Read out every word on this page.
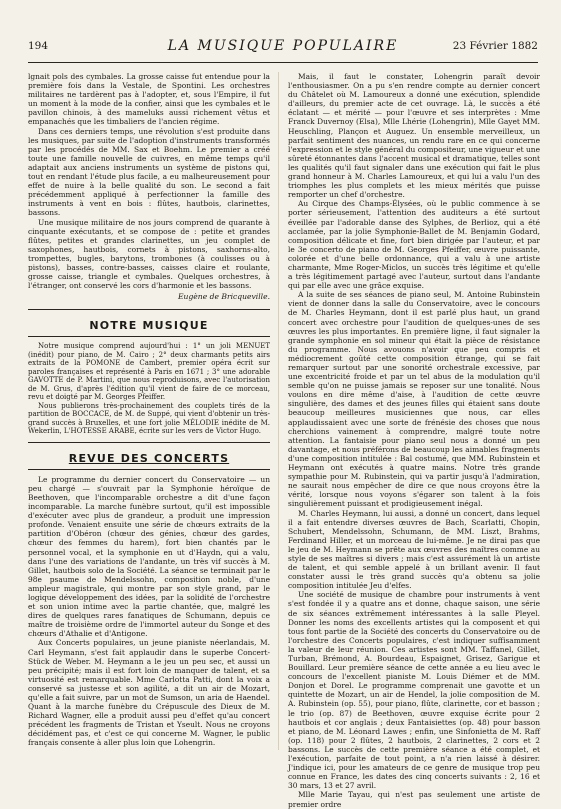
194	LA MUSIQUE POPULAIRE	23 Février 1882

lgnait pols des cymbales. La grosse caisse fut entendue pour la première fois dans la Vestale, de Spontini. Les orchestres militaires ne tardèrent pas à l'adopter, et, sous l'Empire, il fut un moment à la mode de la confier, ainsi que les cymbales et le pavillon chinois, à des mameluks aussi richement vêtus et empanachés que les timbaliers de l'ancien régime.

Dans ces derniers temps, une révolution s'est produite dans les musiques, par suite de l'adoption d'instruments transformés par les procédés de MM. Sax et Boehm. Le premier a créé toute une famille nouvelle de cuivres, en même temps qu'il adaptait aux anciens instruments un système de pistons qui, tout en rendant l'étude plus facile, a eu malheureusement pour effet de nuire à la belle qualité du son. Le second a fait précédemment appliqué à perfectionner la famille des instruments à vent en bois : flûtes, hautbois, clarinettes, bassons.

Une musique militaire de nos jours comprend de quarante à cinquante exécutants, et se compose de : petite et grandes flûtes, petites et grandes clarinettes, un jeu complet de saxophones, hautbois, cornets à pistons, saxhorns-alto, trompettes, bugles, barytons, trombones (à coulisses ou à pistons), basses, contre-basses, caisses claire et roulante, grosse caisse, triangle et cymbales. Quelques orchestres, à l'étranger, ont conservé les cors d'harmonie et les bassons.

Eugène de Bricqueville.

NOTRE MUSIQUE

Notre musique comprend aujourd'hui : 1° un joli MENUET (inédit) pour piano, de M. Cairo ; 2° deux charmants petits airs extraits de la POMONE de Cambert, premier opéra écrit sur paroles françaises et représenté à Paris en 1671 ; 3° une adorable GAVOTTE de P. Martini, que nous reproduisons, avec l'autorisation de M. Grus, d'après l'édition qu'il vient de faire de ce morceau, revu et doigté par M. Georges Pfeiffer.

Nous publierons très-prochainement des couplets tirés de la partition de BOCCACE, de M. de Suppé, qui vient d'obtenir un très-grand succès à Bruxelles, et une fort jolie MÉLODIE inédite de M. Wekerlin, L'HOTESSE ARABE, écrite sur les vers de Victor Hugo.

REVUE DES CONCERTS

Le programme du dernier concert du Conservatoire — un peu chargé — s'ouvrait par la Symphonie héroïque de Beethoven, que l'incomparable orchestre a dit d'une façon incomparable. La marche funèbre surtout, qu'il est impossible d'exécuter avec plus de grandeur, a produit une impression profonde. Venaient ensuite une série de chœurs extraits de la partition d'Obéron (chœur des génies, chœur des gardes, chœur des femmes du harem), fort bien chantés par le personnel vocal, et la symphonie en ut d'Haydn, qui a valu, dans l'une des variations de l'andante, un très vif succès à M. Gillet, hautbois solo de la Société. La séance se terminait par le 98e psaume de Mendelssohn, composition noble, d'une ampleur magistrale, qui montre par son style grand, par le logique développement des idées, par la solidité de l'orchestre et son union intime avec la partie chantée, que, malgré les dires de quelques rares fanatiques de Schumann, depuis ce maître de troisième ordre de l'immortel auteur du Songe et des chœurs d'Athalie et d'Antigone.

Aux Concerts populaires, un jeune pianiste néerlandais, M. Carl Heymann, s'est fait applaudir dans le superbe Concert-Stück de Weber. M. Heymann a le jeu un peu sec, et aussi un peu précipité; mais il est fort loin de manquer de talent, et sa virtuosité est remarquable. Mme Carlotta Patti, dont la voix a conservé sa justesse et son agilité, a dit un air de Mozart, qu'elle a fait suivre, par un mot de Sumson, un aria de Haendel. Quant à la marche funèbre du Crépuscule des Dieux de M. Richard Wagner, elle a produit aussi peu d'effet qu'au concert précédent les fragments de Tristan et Yseult. Nous ne croyons décidément pas, et c'est ce qui concerne M. Wagner, le public français consente à aller plus loin que Lohengrin.

Mais, il faut le constater, Lohengrin paraît devoir l'enthousiasmer. On a pu s'en rendre compte au dernier concert du Châtelet où M. Lamoureux a donné une exécution, splendide d'ailleurs, du premier acte de cet ouvrage. Là, le succès a été éclatant — et mérité — pour l'œuvre et ses interprètes : Mme Franck Duvernoy (Elsa), Mlle Lhérie (Lohengrin), Mlle Gayet MM. Heuschling, Plançon et Auguez. Un ensemble merveilleux, un parfait sentiment des nuances, un rendu rare en ce qui concerne l'expression et le style général du compositeur, une vigueur et une sûreté étonnantes dans l'accent musical et dramatique, telles sont les qualités qu'il faut signaler dans une exécution qui fait le plus grand honneur à M. Charles Lamoureux, et qui lui a valu l'un des triomphes les plus complets et les mieux mérités que puisse remporter un chef d'orchestre.

Au Cirque des Champs-Élysées, où le public commence à se porter sérieusement, l'attention des auditeurs a été surtout éveillée par l'adorable danse des Sylphes, de Berlioz, qui a été acclamée, par la jolie Symphonie-Ballet de M. Benjamin Godard, composition délicate et fine, fort bien dirigée par l'auteur, et par le 3e concerto de piano de M. Georges Pfeiffer, œuvre puissante, colorée et d'une belle ordonnance, qui a valu à une artiste charmante, Mme Roger-Miclos, un succès très légitime et qu'elle a très légitimement partagé avec l'auteur, surtout dans l'andante qui par elle avec une grâce exquise.

A la suite de ses séances de piano seul, M. Antoine Rubinstein vient de donner dans la salle du Conservatoire, avec le concours de M. Charles Heymann, dont il est parlé plus haut, un grand concert avec orchestre pour l'audition de quelques-unes de ses œuvres les plus importantes. En première ligne, il faut signaler la grande symphonie en sol mineur qui était la pièce de résistance du programme. Nous avouons n'avoir que peu compris et médiocrement goûté cette composition étrange, qui se fait remarquer surtout par une sonorité orchestrale excessive, par une excentricité froide et par un tel abus de la modulation qu'il semble qu'on ne puisse jamais se reposer sur une tonalité. Nous voulons en dire même d'aise, à l'audition de cette œuvre singulière, des dames et des jeunes filles qui étaient sans doute beaucoup meilleures musiciennes que nous, car elles applaudissaient avec une sorte de frénésie des choses que nous cherchions vainement à comprendre, malgré toute notre attention. La fantaisie pour piano seul nous a donné un peu davantage, et nous préférons de beaucoup les aimables fragments d'une composition intitulée : Bal costumé, que MM. Rubinstein et Heymann ont exécutés à quatre mains. Notre très grande sympathie pour M. Rubinstein, qui va partir jusqu'à l'admiration, ne saurait nous empêcher de dire ce que nous croyons être la vérité, lorsque nous voyons s'égarer son talent à la fois singulièrement puissant et prodigieusement inégal.

M. Charles Heymann, lui aussi, a donné un concert, dans lequel il a fait entendre diverses œuvres de Bach, Scarlatti, Chopin, Schubert, Mendelssohn, Schumann, de MM. Liszt, Brahms, Ferdinand Hiller, et un morceau de lui-même. Je ne dirai pas que le jeu de M. Heymann se prête aux œuvres des maîtres comme au style de ses maîtres si divers ; mais c'est assurément là un artiste de talent, et qui semble appelé à un brillant avenir. Il faut constater aussi le très grand succès qu'a obtenu sa jolie composition intitulée Jeu d'elfes.

Une société de musique de chambre pour instruments à vent s'est fondée il y a quatre ans et donne, chaque saison, une série de six séances extrêmement intéressantes à la salle Pleyel. Donner les noms des excellents artistes qui la composent et qui tous font partie de la Société des concerts du Conservatoire ou de l'orchestre des Concerts populaires, c'est indiquer suffisamment la valeur de leur réunion. Ces artistes sont MM. Taffanel, Gillet, Turban, Brémond, A. Bourdeau, Espaignet, Grisez, Garigue et Bouillard. Leur première séance de cette année a eu lieu avec le concours de l'excellent pianiste M. Louis Diémer et de MM. Donjon et Dorel. Le programme comprenait une gavotte et un quintette de Mozart, un air de Hendel, la jolie composition de M. A. Rubinstein (op. 55), pour piano, flûte, clarinette, cor et basson ; le trio (op. 87) de Beethoven, œuvre exquise écrite pour 2 hautbois et cor anglais ; deux Fantaisiettes (op. 48) pour basson et piano, de M. Léonard Lawes ; enfin, une Sinfonietta de M. Raff (op. 118) pour 2 flûtes, 2 hautbois, 2 clarinettes, 2 cors et 2 bassons. Le succès de cette première séance a été complet, et l'exécution, parfaite de tout point, a n'a rien laissé à désirer. J'indique ici, pour les amateurs de ce genre de musique trop peu connue en France, les dates des cinq concerts suivants : 2, 16 et 30 mars, 13 et 27 avril.

Mlle Marie Tayau, qui n'est pas seulement une artiste de premier ordre
